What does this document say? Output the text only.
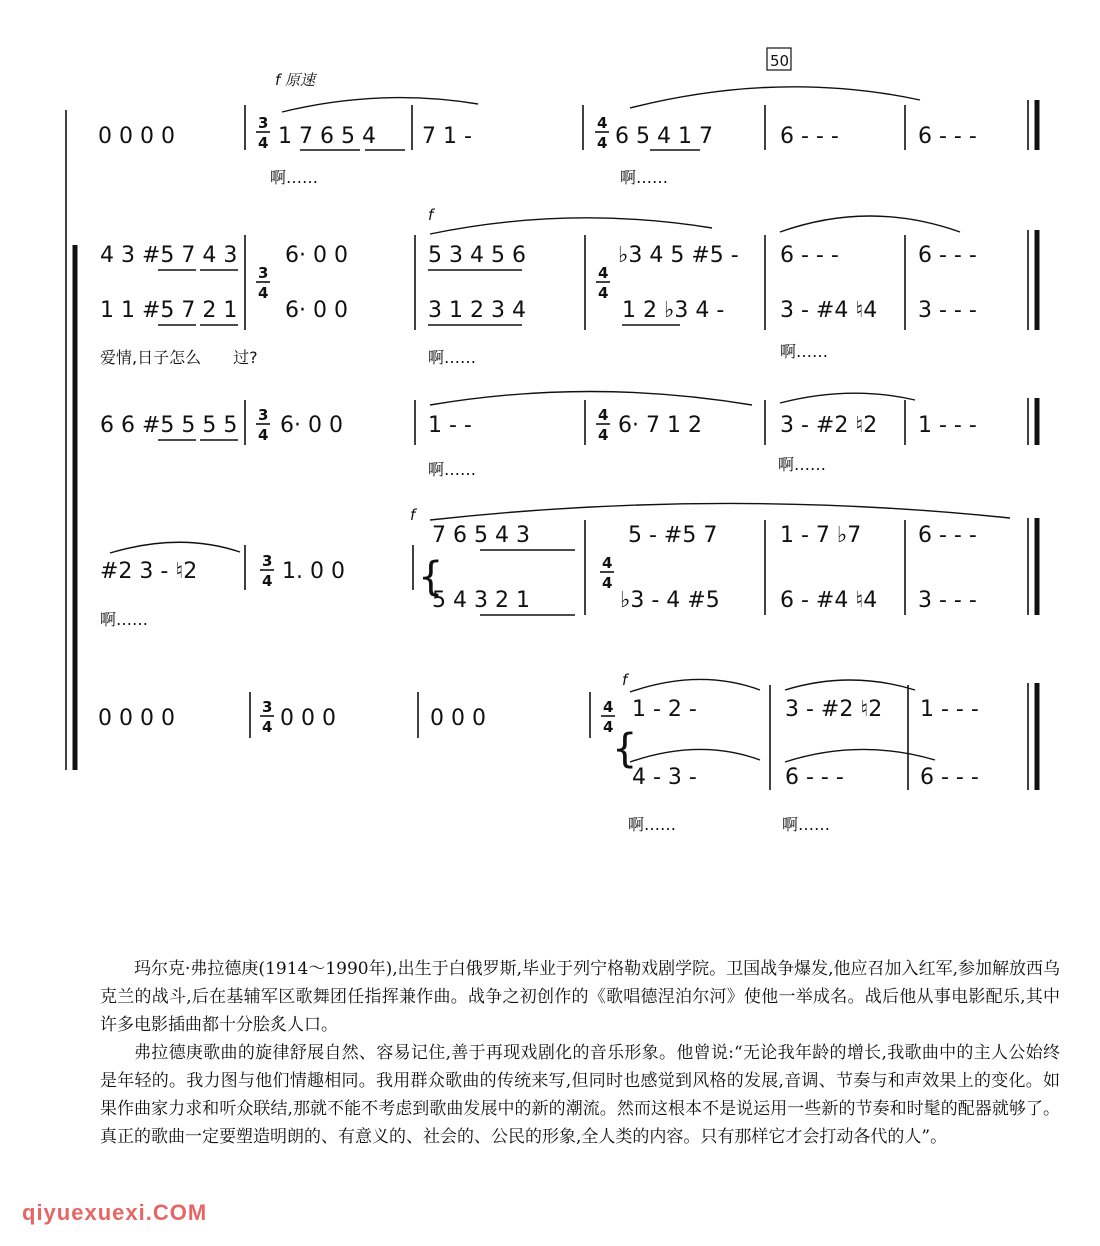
f 原速
50
0 0 0 0
3
4 1 7 6 5 4 7 1 -
4
4 6 5 4 1 7	6 - - -	6 - - -
啊……	啊……
f
4 3 #5 7 4 3
1 1 #5 7 2 1
3
4
6· 0 0
6· 0 0
5 3 4 5 6
3 1 2 3 4
4
4
♭3 4 5 #5 -
1 2 ♭3 4 -
6 - - -
3 - #4 ♮4
6 - - -
3 - - -
爱情,日子怎么　　过?	啊……	啊……
6 6 #5 5 5 5 3
4 6· 0 0	1 - -	4
4 6· 7 1 2	3 - #2 ♮2 1 - - -
啊……	啊……
f
#2 3 - ♮2	3
4 1. 0 0 {
7 6 5 4 3
5 4 3 2 1
4
4
5 - #5 7
♭3 - 4 #5
1 - 7 ♭7
6 - #4 ♮4
6 - - -
3 - - -
啊……
f
0 0 0 0	3
4 0 0 0	0 0 0	4
4
{
1 - 2 -
4 - 3 -
3 - #2 ♮2
6 - - -
1 - - -
6 - - -
啊……	啊……

玛尔克·弗拉德庚(1914～1990年),出生于白俄罗斯,毕业于列宁格勒戏剧学院。卫国战争爆发,他应召加入红军,参加解放西乌克兰的战斗,后在基辅军区歌舞团任指挥兼作曲。战争之初创作的《歌唱德涅泊尔河》使他一举成名。战后他从事电影配乐,其中许多电影插曲都十分脍炙人口。

弗拉德庚歌曲的旋律舒展自然、容易记住,善于再现戏剧化的音乐形象。他曾说:“无论我年龄的增长,我歌曲中的主人公始终是年轻的。我力图与他们情趣相同。我用群众歌曲的传统来写,但同时也感觉到风格的发展,音调、节奏与和声效果上的变化。如果作曲家力求和听众联结,那就不能不考虑到歌曲发展中的新的潮流。然而这根本不是说运用一些新的节奏和时髦的配器就够了。真正的歌曲一定要塑造明朗的、有意义的、社会的、公民的形象,全人类的内容。只有那样它才会打动各代的人”。

qiyuexuexi.COM
